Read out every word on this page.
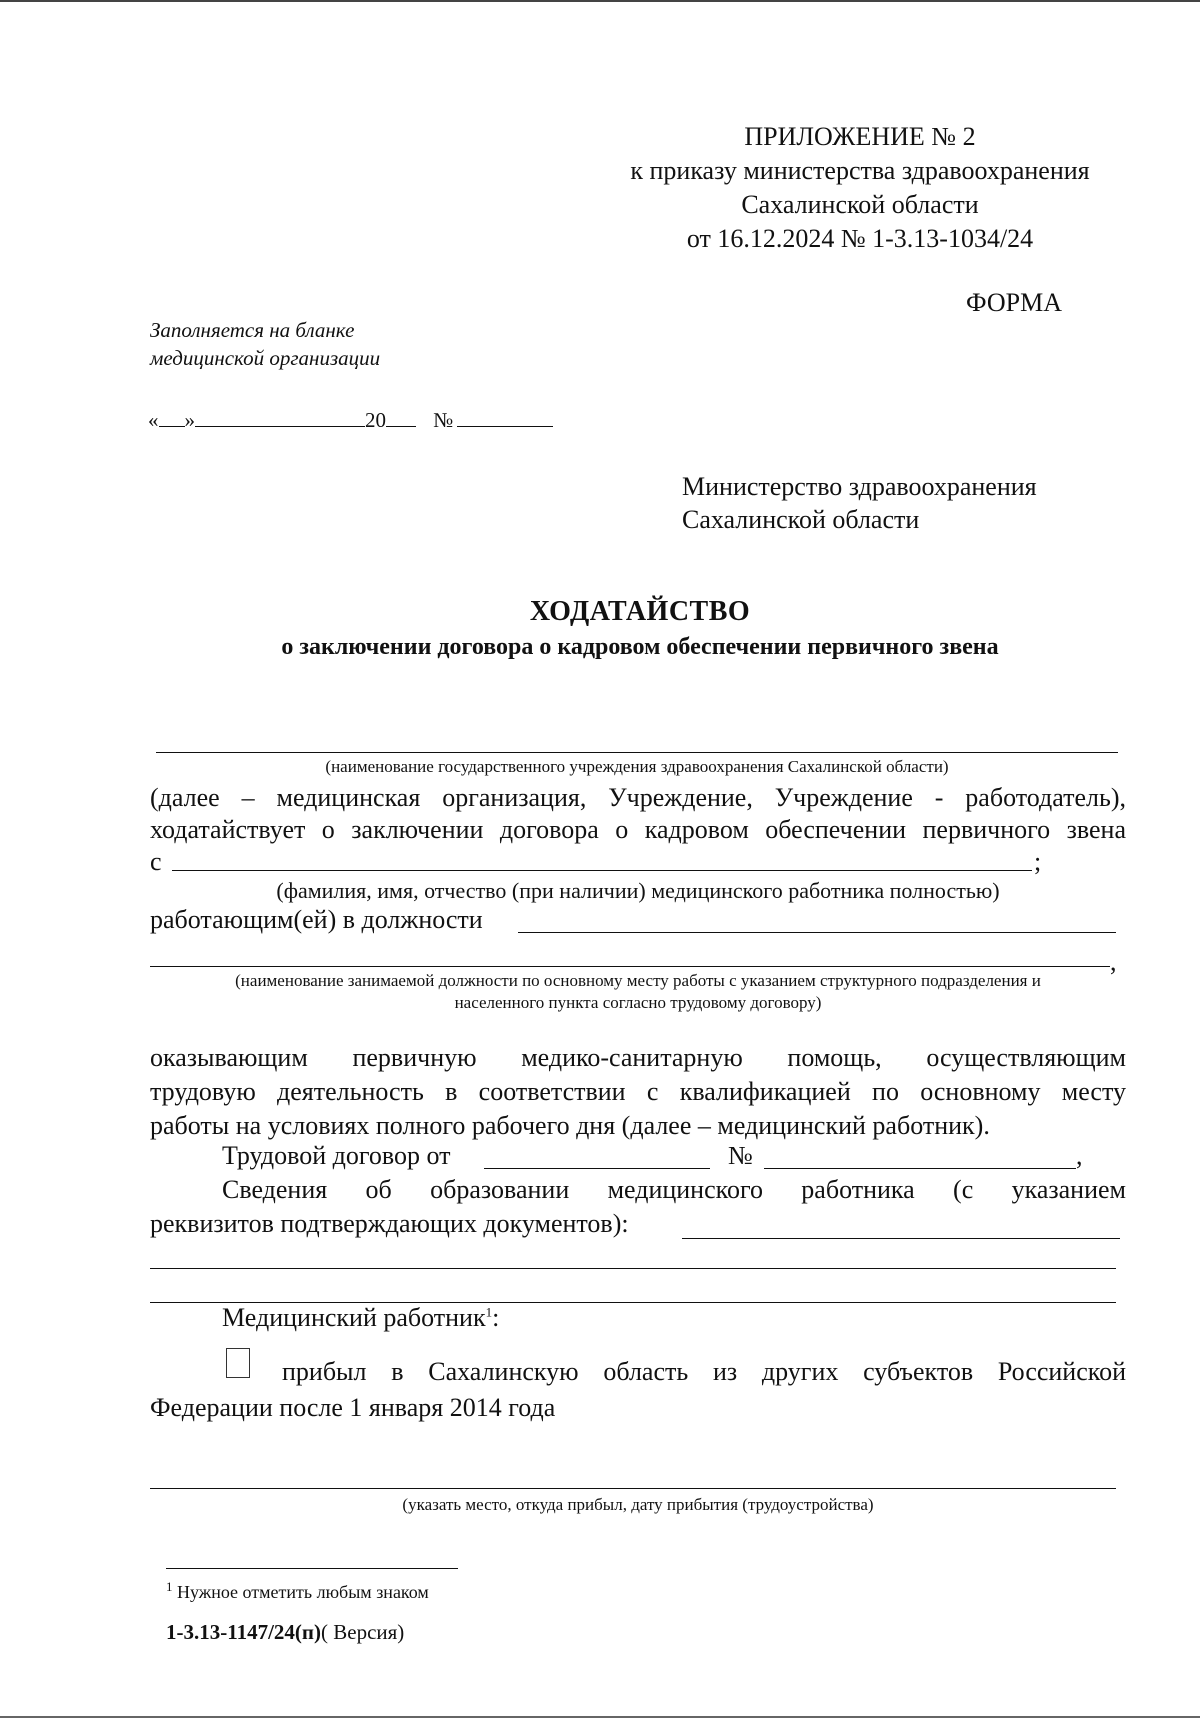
ПРИЛОЖЕНИЕ № 2
к приказу министерства здравоохранения
Сахалинской области
от 16.12.2024 № 1-3.13-1034/24
ФОРМА
Заполняется на бланке
медицинской организации
« »	20 №
Министерство здравоохранения
Сахалинской области
ХОДАТАЙСТВО
о заключении договора о кадровом обеспечении первичного звена
(наименование государственного учреждения здравоохранения Сахалинской области)
(далее – медицинская организация, Учреждение, Учреждение - работодатель),
ходатайствует о заключении договора о кадровом обеспечении первичного звена
с	;
(фамилия, имя, отчество (при наличии) медицинского работника полностью)
работающим(ей) в должности
,
(наименование занимаемой должности по основному месту работы с указанием структурного подразделения и
населенного пункта согласно трудовому договору)
оказывающим первичную медико-санитарную помощь, осуществляющим
трудовую деятельность в соответствии с квалификацией по основному месту
работы на условиях полного рабочего дня (далее – медицинский работник).
Трудовой договор от	№	,
Сведения об образовании медицинского работника (с указанием
реквизитов подтверждающих документов):
Медицинский работник$^1$:
прибыл в Сахалинскую область из других субъектов Российской
Федерации после 1 января 2014 года
(указать место, откуда прибыл, дату прибытия (трудоустройства)
$^1$ Нужное отметить любым знаком
1-3.13-1147/24(п)( Версия)
